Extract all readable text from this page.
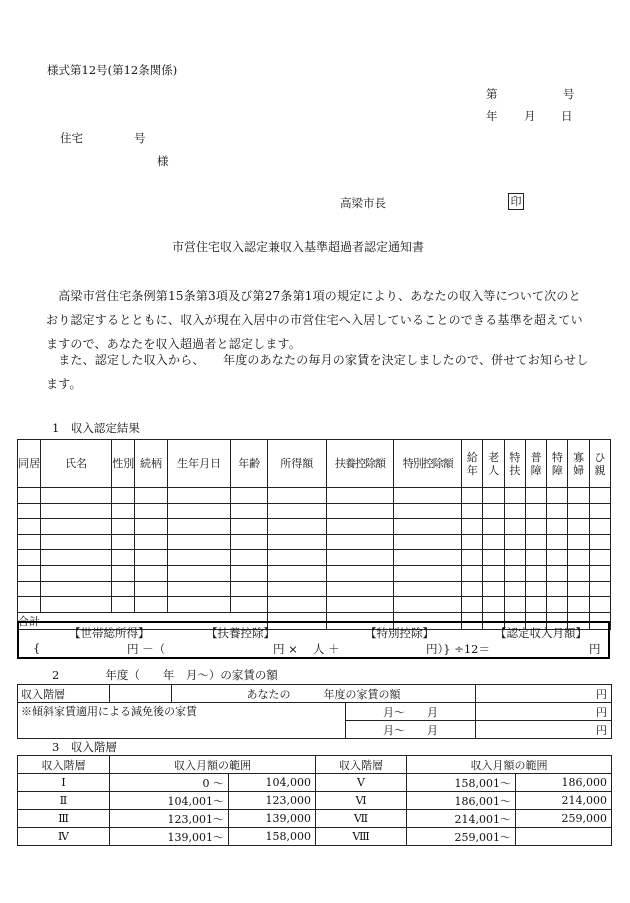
様式第12号(第12条関係)
第	号
年 月 日
住宅	号
様
高梁市長	印
市営住宅収入認定兼収入基準超過者認定通知書
　高梁市営住宅条例第15条第3項及び第27条第1項の規定により、あなたの収入等について次のとおり認定するとともに、収入が現在入居中の市営住宅へ入居していることのできる基準を超えていますので、あなたを収入超過者と認定します。
　また、認定した収入から、　　年度のあなたの毎月の家賃を決定しましたので、併せてお知らせします。
1　収入認定結果
同居	氏名	性別	続柄	生年月日	年齢	所得額	扶養控除額	特別控除額	給年	老人	特扶	普障	特障	寡婦	ひ親

合計															
【世帯総所得】	【扶養控除】	【特別控除】	【認定収入月額】
{	円 －（	円 ×　 人 ＋	円）} ÷12＝	円
2　　　　年度（　　年　月～）の家賃の額
収入階層		あなたの　　　年度の家賃の額		円
※傾斜家賃適用による減免後の家賃			月～　　月	円
			月～　　月	円
3　収入階層
収入階層	収入月額の範囲		収入階層	収入月額の範囲	
Ⅰ	0 ～	104,000	Ⅴ	158,001～	186,000
Ⅱ	104,001～	123,000	Ⅵ	186,001～	214,000
Ⅲ	123,001～	139,000	Ⅶ	214,001～	259,000
Ⅳ	139,001～	158,000	Ⅷ	259,001～	
